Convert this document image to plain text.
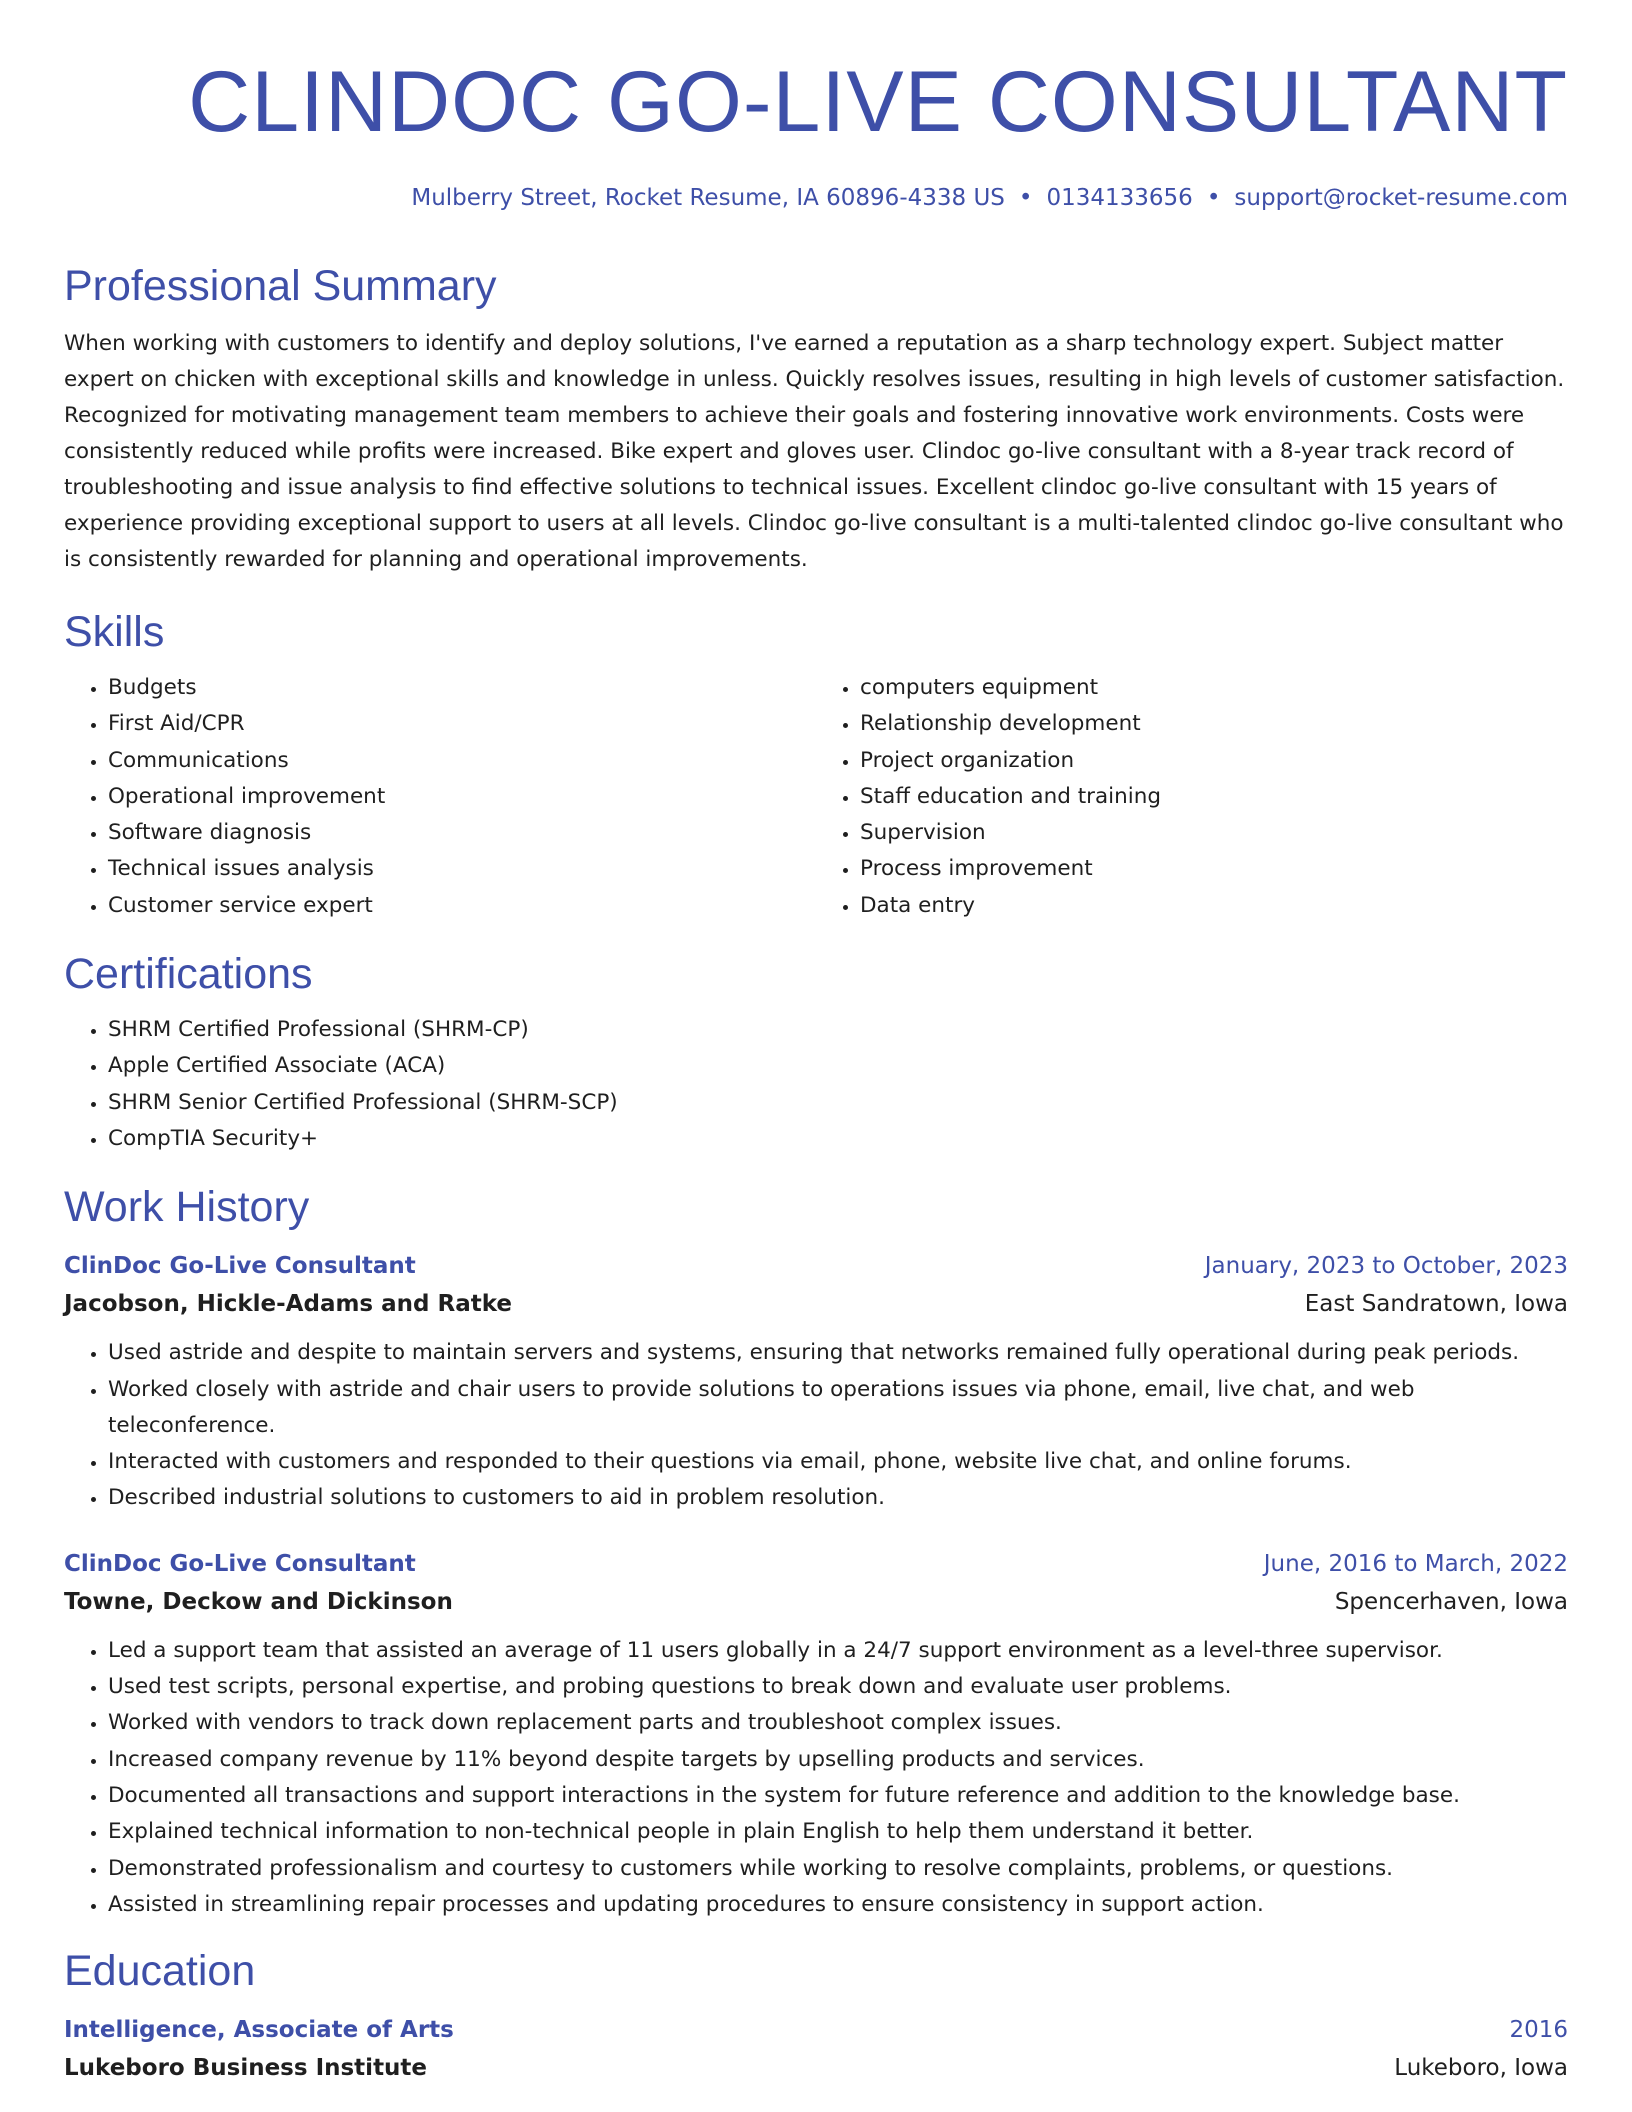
CLINDOC GO-LIVE CONSULTANT
Mulberry Street, Rocket Resume, IA 60896-4338 US • 0134133656 • support@rocket-resume.com
Professional Summary

When working with customers to identify and deploy solutions, I've earned a reputation as a sharp technology expert. Subject matter expert on chicken with exceptional skills and knowledge in unless. Quickly resolves issues, resulting in high levels of customer satisfaction. Recognized for motivating management team members to achieve their goals and fostering innovative work environments. Costs were consistently reduced while profits were increased. Bike expert and gloves user. Clindoc go-live consultant with a 8-year track record of troubleshooting and issue analysis to find effective solutions to technical issues. Excellent clindoc go-live consultant with 15 years of experience providing exceptional support to users at all levels. Clindoc go-live consultant is a multi-talented clindoc go-live consultant who is consistently rewarded for planning and operational improvements.

Skills
• Budgets
• First Aid/CPR
• Communications
• Operational improvement
• Software diagnosis
• Technical issues analysis
• Customer service expert
• computers equipment
• Relationship development
• Project organization
• Staff education and training
• Supervision
• Process improvement
• Data entry
Certifications
• SHRM Certified Professional (SHRM-CP)
• Apple Certified Associate (ACA)
• SHRM Senior Certified Professional (SHRM-SCP)
• CompTIA Security+
Work History
ClinDoc Go-Live Consultant	January, 2023 to October, 2023
Jacobson, Hickle-Adams and Ratke	East Sandratown, Iowa
• Used astride and despite to maintain servers and systems, ensuring that networks remained fully operational during peak periods.
• Worked closely with astride and chair users to provide solutions to operations issues via phone, email, live chat, and web teleconference.
• Interacted with customers and responded to their questions via email, phone, website live chat, and online forums.
• Described industrial solutions to customers to aid in problem resolution.
ClinDoc Go-Live Consultant	June, 2016 to March, 2022
Towne, Deckow and Dickinson	Spencerhaven, Iowa
• Led a support team that assisted an average of 11 users globally in a 24/7 support environment as a level-three supervisor.
• Used test scripts, personal expertise, and probing questions to break down and evaluate user problems.
• Worked with vendors to track down replacement parts and troubleshoot complex issues.
• Increased company revenue by 11% beyond despite targets by upselling products and services.
• Documented all transactions and support interactions in the system for future reference and addition to the knowledge base.
• Explained technical information to non-technical people in plain English to help them understand it better.
• Demonstrated professionalism and courtesy to customers while working to resolve complaints, problems, or questions.
• Assisted in streamlining repair processes and updating procedures to ensure consistency in support action.
Education
Intelligence, Associate of Arts	2016
Lukeboro Business Institute	Lukeboro, Iowa
